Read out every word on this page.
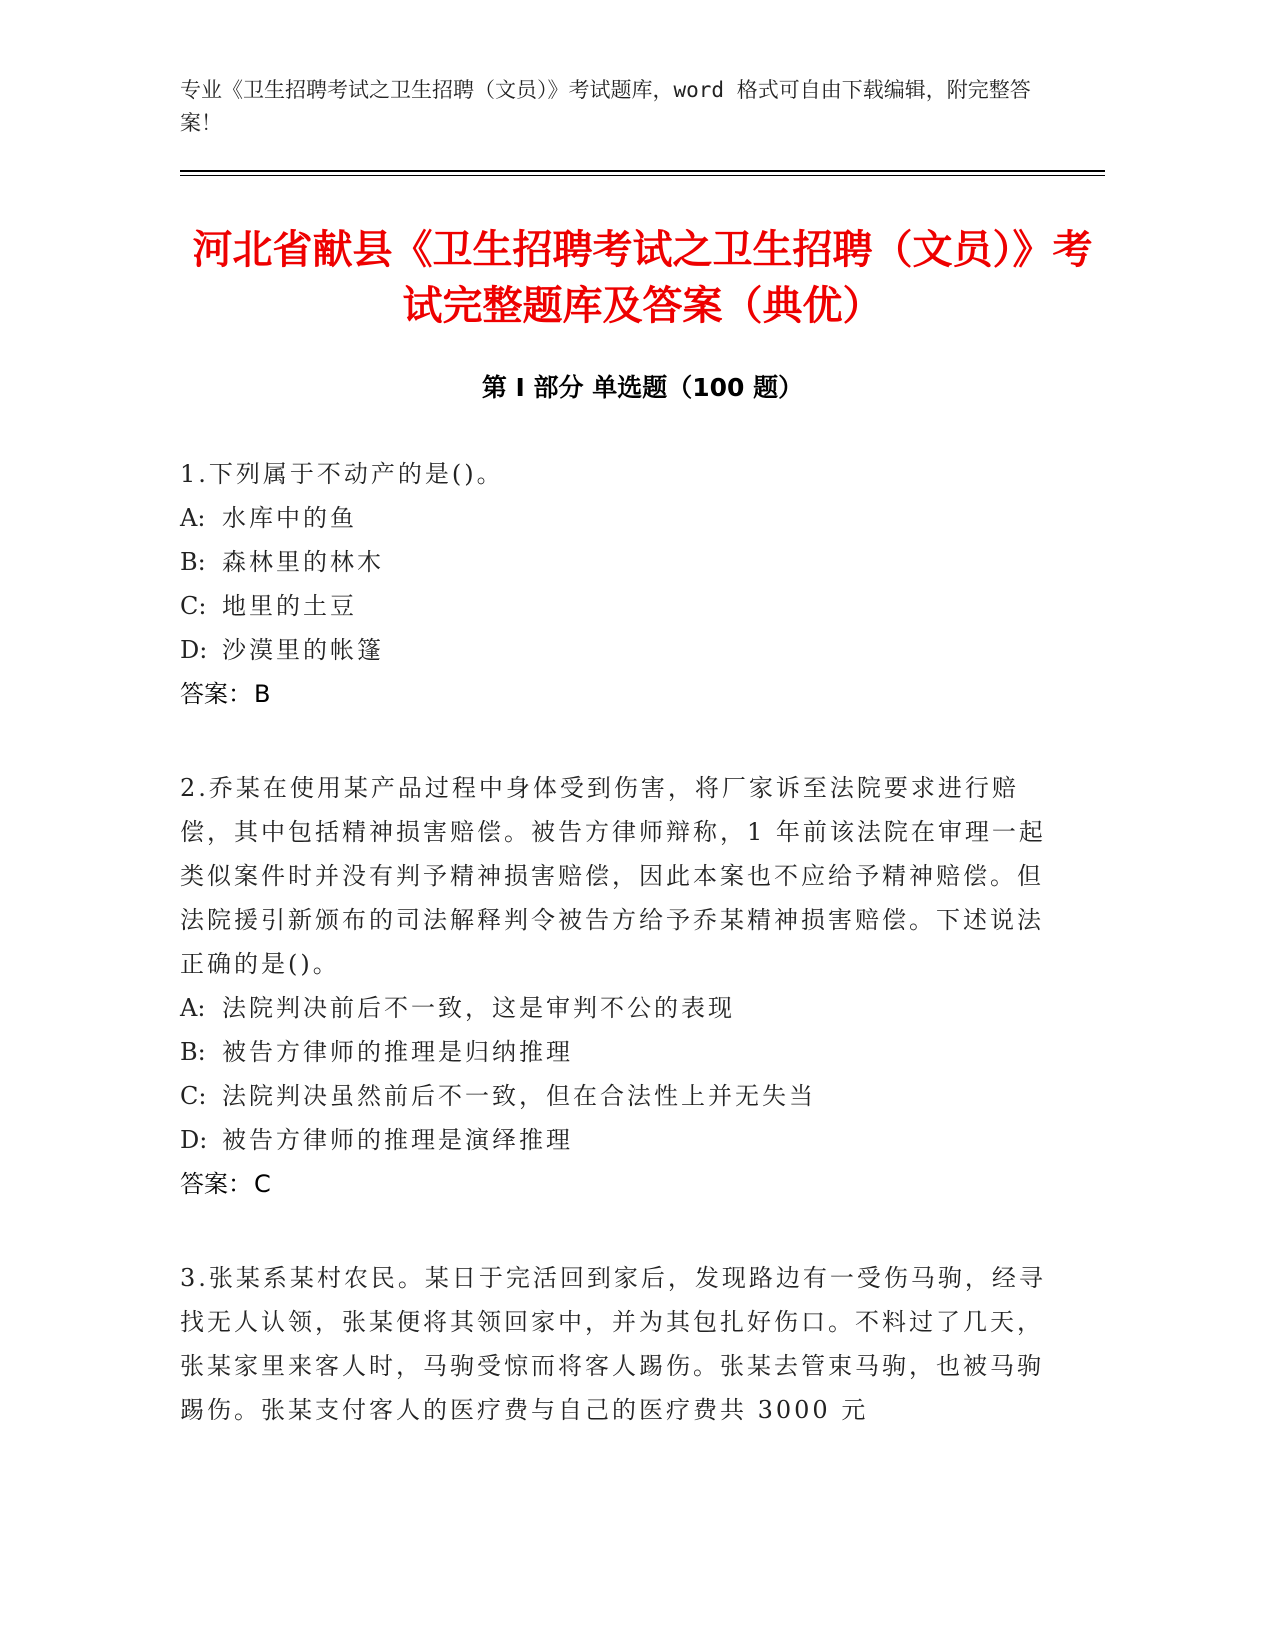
专业《卫生招聘考试之卫生招聘（文员）》考试题库，word 格式可自由下载编辑，附完整答案！

河北省献县《卫生招聘考试之卫生招聘（文员）》考试完整题库及答案（典优）
第 I 部分 单选题（100 题）

1.下列属于不动产的是()。

A: 水库中的鱼
B: 森林里的林木
C: 地里的土豆
D: 沙漠里的帐篷

答案：B

2.乔某在使用某产品过程中身体受到伤害，将厂家诉至法院要求进行赔偿，其中包括精神损害赔偿。被告方律师辩称，1 年前该法院在审理一起类似案件时并没有判予精神损害赔偿，因此本案也不应给予精神赔偿。但法院援引新颁布的司法解释判令被告方给予乔某精神损害赔偿。下述说法正确的是()。

A: 法院判决前后不一致，这是审判不公的表现
B: 被告方律师的推理是归纳推理
C: 法院判决虽然前后不一致，但在合法性上并无失当
D: 被告方律师的推理是演绎推理

答案：C

3.张某系某村农民。某日于完活回到家后，发现路边有一受伤马驹，经寻找无人认领，张某便将其领回家中，并为其包扎好伤口。不料过了几天，张某家里来客人时，马驹受惊而将客人踢伤。张某去管束马驹，也被马驹踢伤。张某支付客人的医疗费与自己的医疗费共 3000 元
